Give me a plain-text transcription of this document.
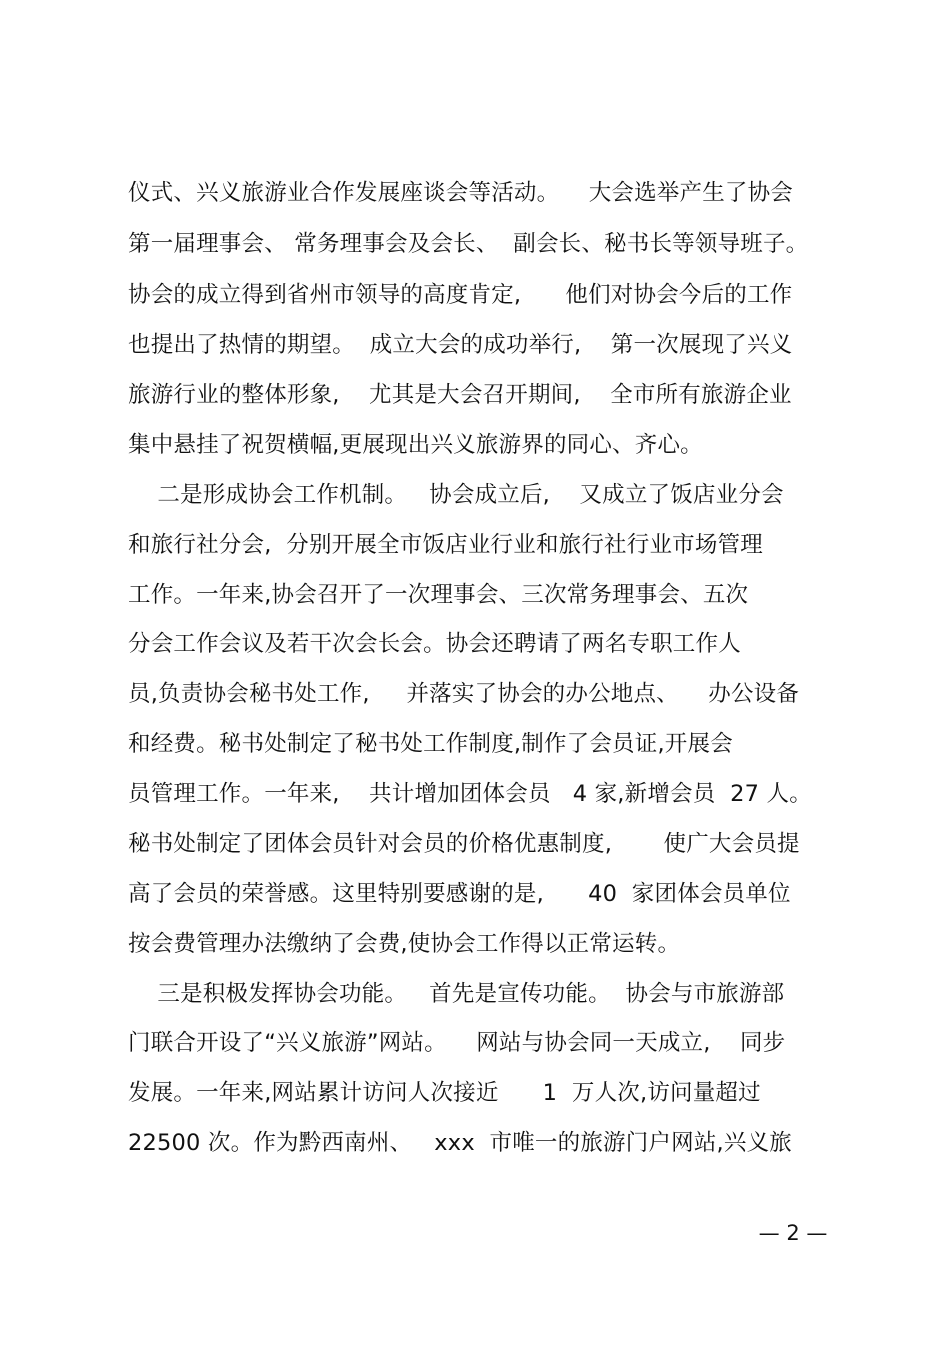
仪式、兴义旅游业合作发展座谈会等活动。    大会选举产生了协会
第一届理事会、 常务理事会及会长、  副会长、秘书长等领导班子。
协会的成立得到省州市领导的高度肯定,      他们对协会今后的工作
也提出了热情的期望。  成立大会的成功举行,    第一次展现了兴义
旅游行业的整体形象,    尤其是大会召开期间,    全市所有旅游企业
集中悬挂了祝贺横幅,更展现出兴义旅游界的同心、齐心。
二是形成协会工作机制。   协会成立后,    又成立了饭店业分会
和旅行社分会,  分别开展全市饭店业行业和旅行社行业市场管理
工作。一年来,协会召开了一次理事会、三次常务理事会、五次
分会工作会议及若干次会长会。协会还聘请了两名专职工作人
员,负责协会秘书处工作,     并落实了协会的办公地点、    办公设备
和经费。秘书处制定了秘书处工作制度,制作了会员证,开展会
员管理工作。一年来,    共计增加团体会员   4 家,新增会员  27 人。
秘书处制定了团体会员针对会员的价格优惠制度,       使广大会员提
高了会员的荣誉感。这里特别要感谢的是,      40  家团体会员单位
按会费管理办法缴纳了会费,使协会工作得以正常运转。
三是积极发挥协会功能。   首先是宣传功能。  协会与市旅游部
门联合开设了“兴义旅游”网站。    网站与协会同一天成立,    同步
发展。一年来,网站累计访问人次接近      1  万人次,访问量超过
22500 次。作为黔西南州、   xxx  市唯一的旅游门户网站,兴义旅
— 2 —
